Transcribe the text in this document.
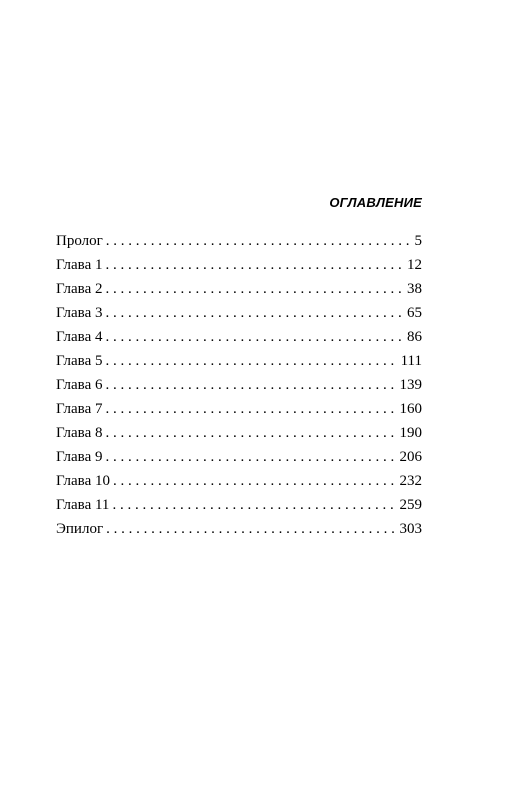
ОГЛАВЛЕНИЕ
Пролог . . .	5
Глава 1 . . .	12
Глава 2 . . .	38
Глава 3 . . .	65
Глава 4 . . .	86
Глава 5 . . .	111
Глава 6 . . .	139
Глава 7 . . .	160
Глава 8 . . .	190
Глава 9 . . .	206
Глава 10 . . .	232
Глава 11 . . .	259
Эпилог . . .	303
